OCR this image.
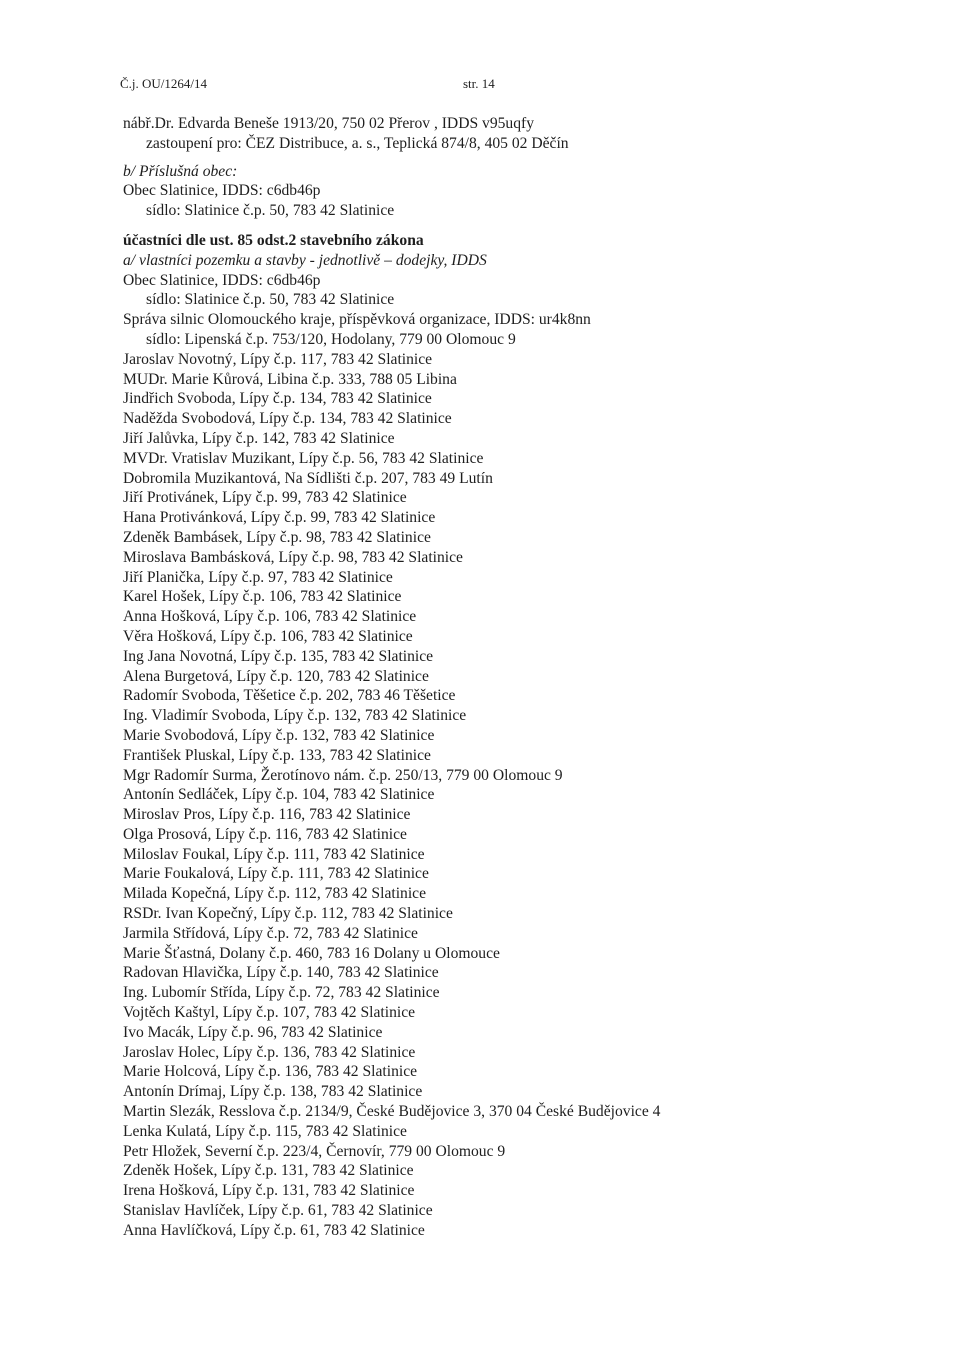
Č.j. OU/1264/14	str. 14
nábř.Dr. Edvarda Beneše 1913/20, 750 02 Přerov , IDDS v95uqfy
zastoupení pro: ČEZ Distribuce, a. s., Teplická 874/8, 405 02 Děčín
b/ Příslušná obec:
Obec Slatinice, IDDS: c6db46p
sídlo: Slatinice č.p. 50, 783 42 Slatinice
účastníci dle ust. 85 odst.2 stavebního zákona
a/ vlastníci pozemku a stavby - jednotlivě – dodejky, IDDS
Obec Slatinice, IDDS: c6db46p
sídlo: Slatinice č.p. 50, 783 42 Slatinice
Správa silnic Olomouckého kraje, příspěvková organizace, IDDS: ur4k8nn
sídlo: Lipenská č.p. 753/120, Hodolany, 779 00 Olomouc 9
Jaroslav Novotný, Lípy č.p. 117, 783 42 Slatinice
MUDr. Marie Kůrová, Libina č.p. 333, 788 05 Libina
Jindřich Svoboda, Lípy č.p. 134, 783 42 Slatinice
Naděžda Svobodová, Lípy č.p. 134, 783 42 Slatinice
Jiří Jalůvka, Lípy č.p. 142, 783 42 Slatinice
MVDr. Vratislav Muzikant, Lípy č.p. 56, 783 42 Slatinice
Dobromila Muzikantová, Na Sídlišti č.p. 207, 783 49 Lutín
Jiří Protivánek, Lípy č.p. 99, 783 42 Slatinice
Hana Protivánková, Lípy č.p. 99, 783 42 Slatinice
Zdeněk Bambásek, Lípy č.p. 98, 783 42 Slatinice
Miroslava Bambásková, Lípy č.p. 98, 783 42 Slatinice
Jiří Planička, Lípy č.p. 97, 783 42 Slatinice
Karel Hošek, Lípy č.p. 106, 783 42 Slatinice
Anna Hošková, Lípy č.p. 106, 783 42 Slatinice
Věra Hošková, Lípy č.p. 106, 783 42 Slatinice
Ing Jana Novotná, Lípy č.p. 135, 783 42 Slatinice
Alena Burgetová, Lípy č.p. 120, 783 42 Slatinice
Radomír Svoboda, Těšetice č.p. 202, 783 46 Těšetice
Ing. Vladimír Svoboda, Lípy č.p. 132, 783 42 Slatinice
Marie Svobodová, Lípy č.p. 132, 783 42 Slatinice
František Pluskal, Lípy č.p. 133, 783 42 Slatinice
Mgr Radomír Surma, Žerotínovo nám. č.p. 250/13, 779 00 Olomouc 9
Antonín Sedláček, Lípy č.p. 104, 783 42 Slatinice
Miroslav Pros, Lípy č.p. 116, 783 42 Slatinice
Olga Prosová, Lípy č.p. 116, 783 42 Slatinice
Miloslav Foukal, Lípy č.p. 111, 783 42 Slatinice
Marie Foukalová, Lípy č.p. 111, 783 42 Slatinice
Milada Kopečná, Lípy č.p. 112, 783 42 Slatinice
RSDr. Ivan Kopečný, Lípy č.p. 112, 783 42 Slatinice
Jarmila Střídová, Lípy č.p. 72, 783 42 Slatinice
Marie Šťastná, Dolany č.p. 460, 783 16 Dolany u Olomouce
Radovan Hlavička, Lípy č.p. 140, 783 42 Slatinice
Ing. Lubomír Střída, Lípy č.p. 72, 783 42 Slatinice
Vojtěch Kaštyl, Lípy č.p. 107, 783 42 Slatinice
Ivo Macák, Lípy č.p. 96, 783 42 Slatinice
Jaroslav Holec, Lípy č.p. 136, 783 42 Slatinice
Marie Holcová, Lípy č.p. 136, 783 42 Slatinice
Antonín Drímaj, Lípy č.p. 138, 783 42 Slatinice
Martin Slezák, Resslova č.p. 2134/9, České Budějovice 3, 370 04 České Budějovice 4
Lenka Kulatá, Lípy č.p. 115, 783 42 Slatinice
Petr Hložek, Severní č.p. 223/4, Černovír, 779 00 Olomouc 9
Zdeněk Hošek, Lípy č.p. 131, 783 42 Slatinice
Irena Hošková, Lípy č.p. 131, 783 42 Slatinice
Stanislav Havlíček, Lípy č.p. 61, 783 42 Slatinice
Anna Havlíčková, Lípy č.p. 61, 783 42 Slatinice
